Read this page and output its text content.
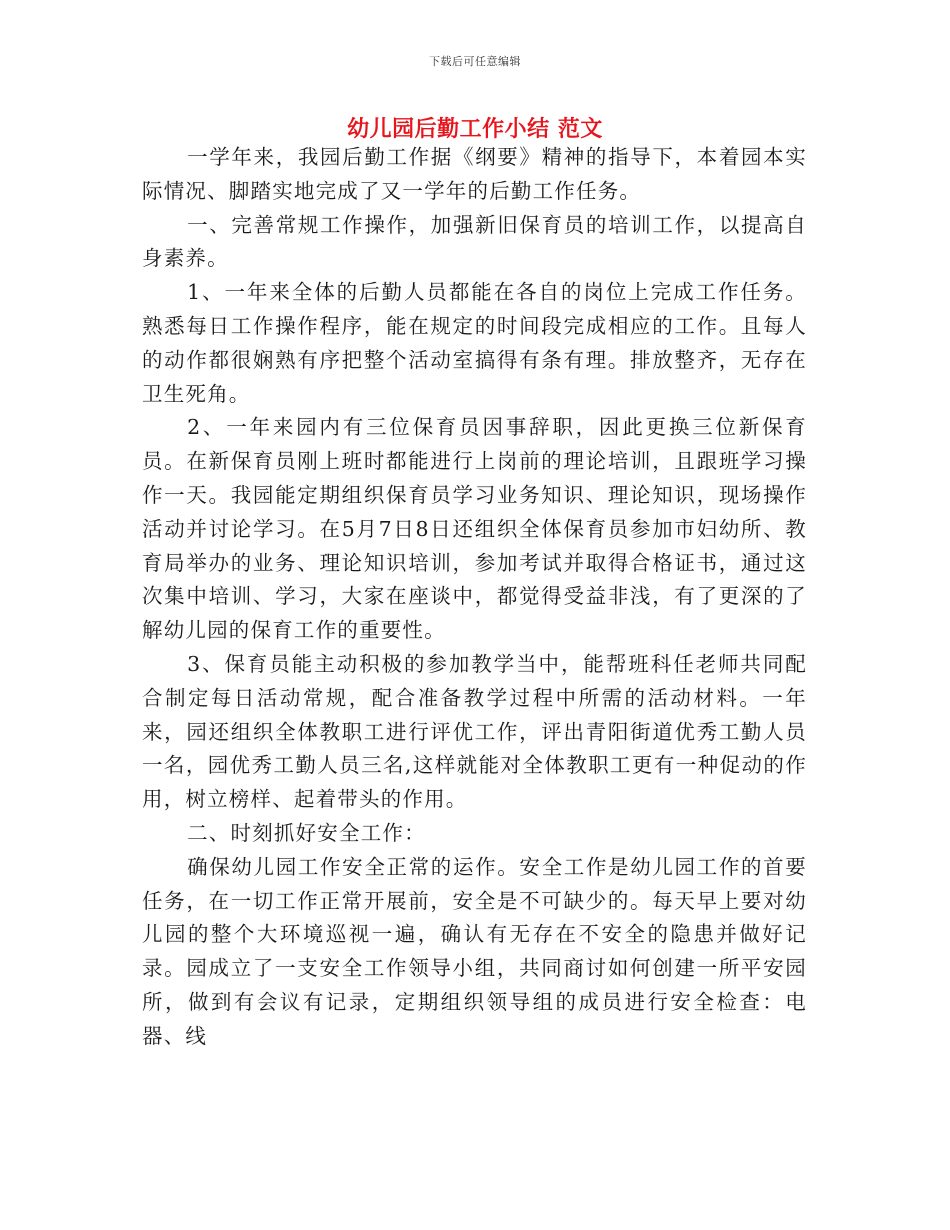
下载后可任意编辑
幼儿园后勤工作小结 范文

一学年来，我园后勤工作据《纲要》精神的指导下，本着园本实际情况、脚踏实地完成了又一学年的后勤工作任务。

一、完善常规工作操作，加强新旧保育员的培训工作，以提高自身素养。

1、一年来全体的后勤人员都能在各自的岗位上完成工作任务。熟悉每日工作操作程序，能在规定的时间段完成相应的工作。且每人的动作都很娴熟有序把整个活动室搞得有条有理。排放整齐，无存在卫生死角。

2、一年来园内有三位保育员因事辞职，因此更换三位新保育员。在新保育员刚上班时都能进行上岗前的理论培训，且跟班学习操作一天。我园能定期组织保育员学习业务知识、理论知识，现场操作活动并讨论学习。在5月7日8日还组织全体保育员参加市妇幼所、教育局举办的业务、理论知识培训，参加考试并取得合格证书，通过这次集中培训、学习，大家在座谈中，都觉得受益非浅，有了更深的了解幼儿园的保育工作的重要性。

3、保育员能主动积极的参加教学当中，能帮班科任老师共同配合制定每日活动常规，配合准备教学过程中所需的活动材料。一年来，园还组织全体教职工进行评优工作，评出青阳街道优秀工勤人员一名，园优秀工勤人员三名,这样就能对全体教职工更有一种促动的作用，树立榜样、起着带头的作用。

二、时刻抓好安全工作：

确保幼儿园工作安全正常的运作。安全工作是幼儿园工作的首要任务，在一切工作正常开展前，安全是不可缺少的。每天早上要对幼儿园的整个大环境巡视一遍，确认有无存在不安全的隐患并做好记录。园成立了一支安全工作领导小组，共同商讨如何创建一所平安园所，做到有会议有记录，定期组织领导组的成员进行安全检查：电器、线
